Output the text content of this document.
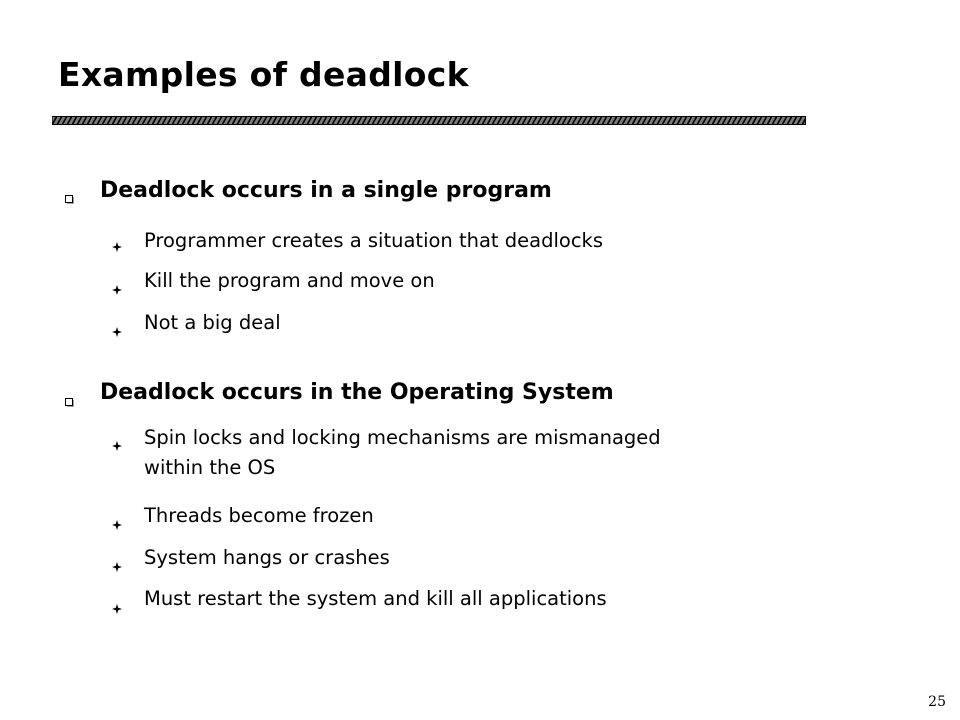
Examples of deadlock
Deadlock occurs in a single program
Programmer creates a situation that deadlocks
Kill the program and move on
Not a big deal
Deadlock occurs in the Operating System
Spin locks and locking mechanisms are mismanaged
within the OS
Threads become frozen
System hangs or crashes
Must restart the system and kill all applications
25
